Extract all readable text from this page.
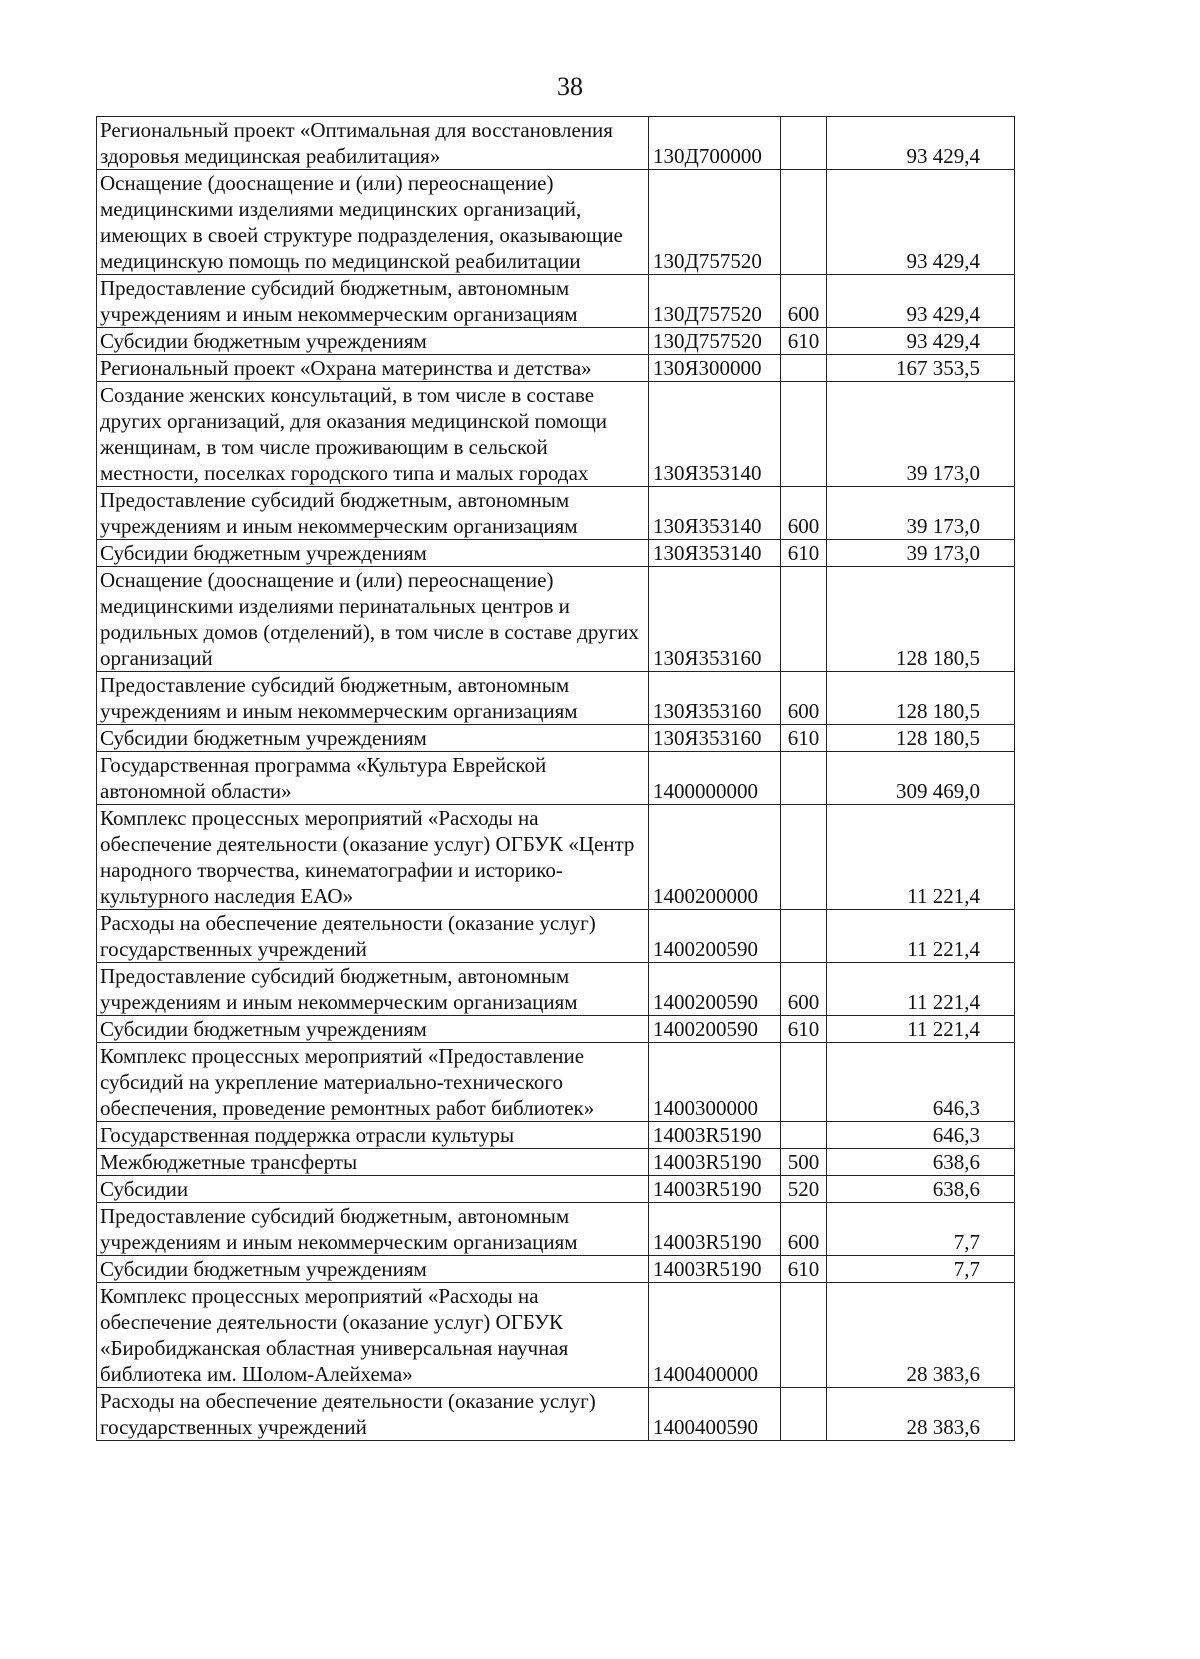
38
Региональный проект «Оптимальная для восстановления здоровья медицинская реабилитация»	130Д700000		93 429,4
Оснащение (дооснащение и (или) переоснащение) медицинскими изделиями медицинских организаций, имеющих в своей структуре подразделения, оказывающие медицинскую помощь по медицинской реабилитации	130Д757520		93 429,4
Предоставление субсидий бюджетным, автономным учреждениям и иным некоммерческим организациям	130Д757520	600	93 429,4
Субсидии бюджетным учреждениям	130Д757520	610	93 429,4
Региональный проект «Охрана материнства и детства»	130Я300000		167 353,5
Создание женских консультаций, в том числе в составе других организаций, для оказания медицинской помощи женщинам, в том числе проживающим в сельской местности, поселках городского типа и малых городах	130Я353140		39 173,0
Предоставление субсидий бюджетным, автономным учреждениям и иным некоммерческим организациям	130Я353140	600	39 173,0
Субсидии бюджетным учреждениям	130Я353140	610	39 173,0
Оснащение (дооснащение и (или) переоснащение) медицинскими изделиями перинатальных центров и родильных домов (отделений), в том числе в составе других организаций	130Я353160		128 180,5
Предоставление субсидий бюджетным, автономным учреждениям и иным некоммерческим организациям	130Я353160	600	128 180,5
Субсидии бюджетным учреждениям	130Я353160	610	128 180,5
Государственная программа «Культура Еврейской автономной области»	1400000000		309 469,0
Комплекс процессных мероприятий «Расходы на обеспечение деятельности (оказание услуг) ОГБУК «Центр народного творчества, кинематографии и историко-культурного наследия ЕАО»	1400200000		11 221,4
Расходы на обеспечение деятельности (оказание услуг) государственных учреждений	1400200590		11 221,4
Предоставление субсидий бюджетным, автономным учреждениям и иным некоммерческим организациям	1400200590	600	11 221,4
Субсидии бюджетным учреждениям	1400200590	610	11 221,4
Комплекс процессных мероприятий «Предоставление субсидий на укрепление материально-технического обеспечения, проведение ремонтных работ библиотек»	1400300000		646,3
Государственная поддержка отрасли культуры	14003R5190		646,3
Межбюджетные трансферты	14003R5190	500	638,6
Субсидии	14003R5190	520	638,6
Предоставление субсидий бюджетным, автономным учреждениям и иным некоммерческим организациям	14003R5190	600	7,7
Субсидии бюджетным учреждениям	14003R5190	610	7,7
Комплекс процессных мероприятий «Расходы на обеспечение деятельности (оказание услуг) ОГБУК «Биробиджанская областная универсальная научная библиотека им. Шолом-Алейхема»	1400400000		28 383,6
Расходы на обеспечение деятельности (оказание услуг) государственных учреждений	1400400590		28 383,6
